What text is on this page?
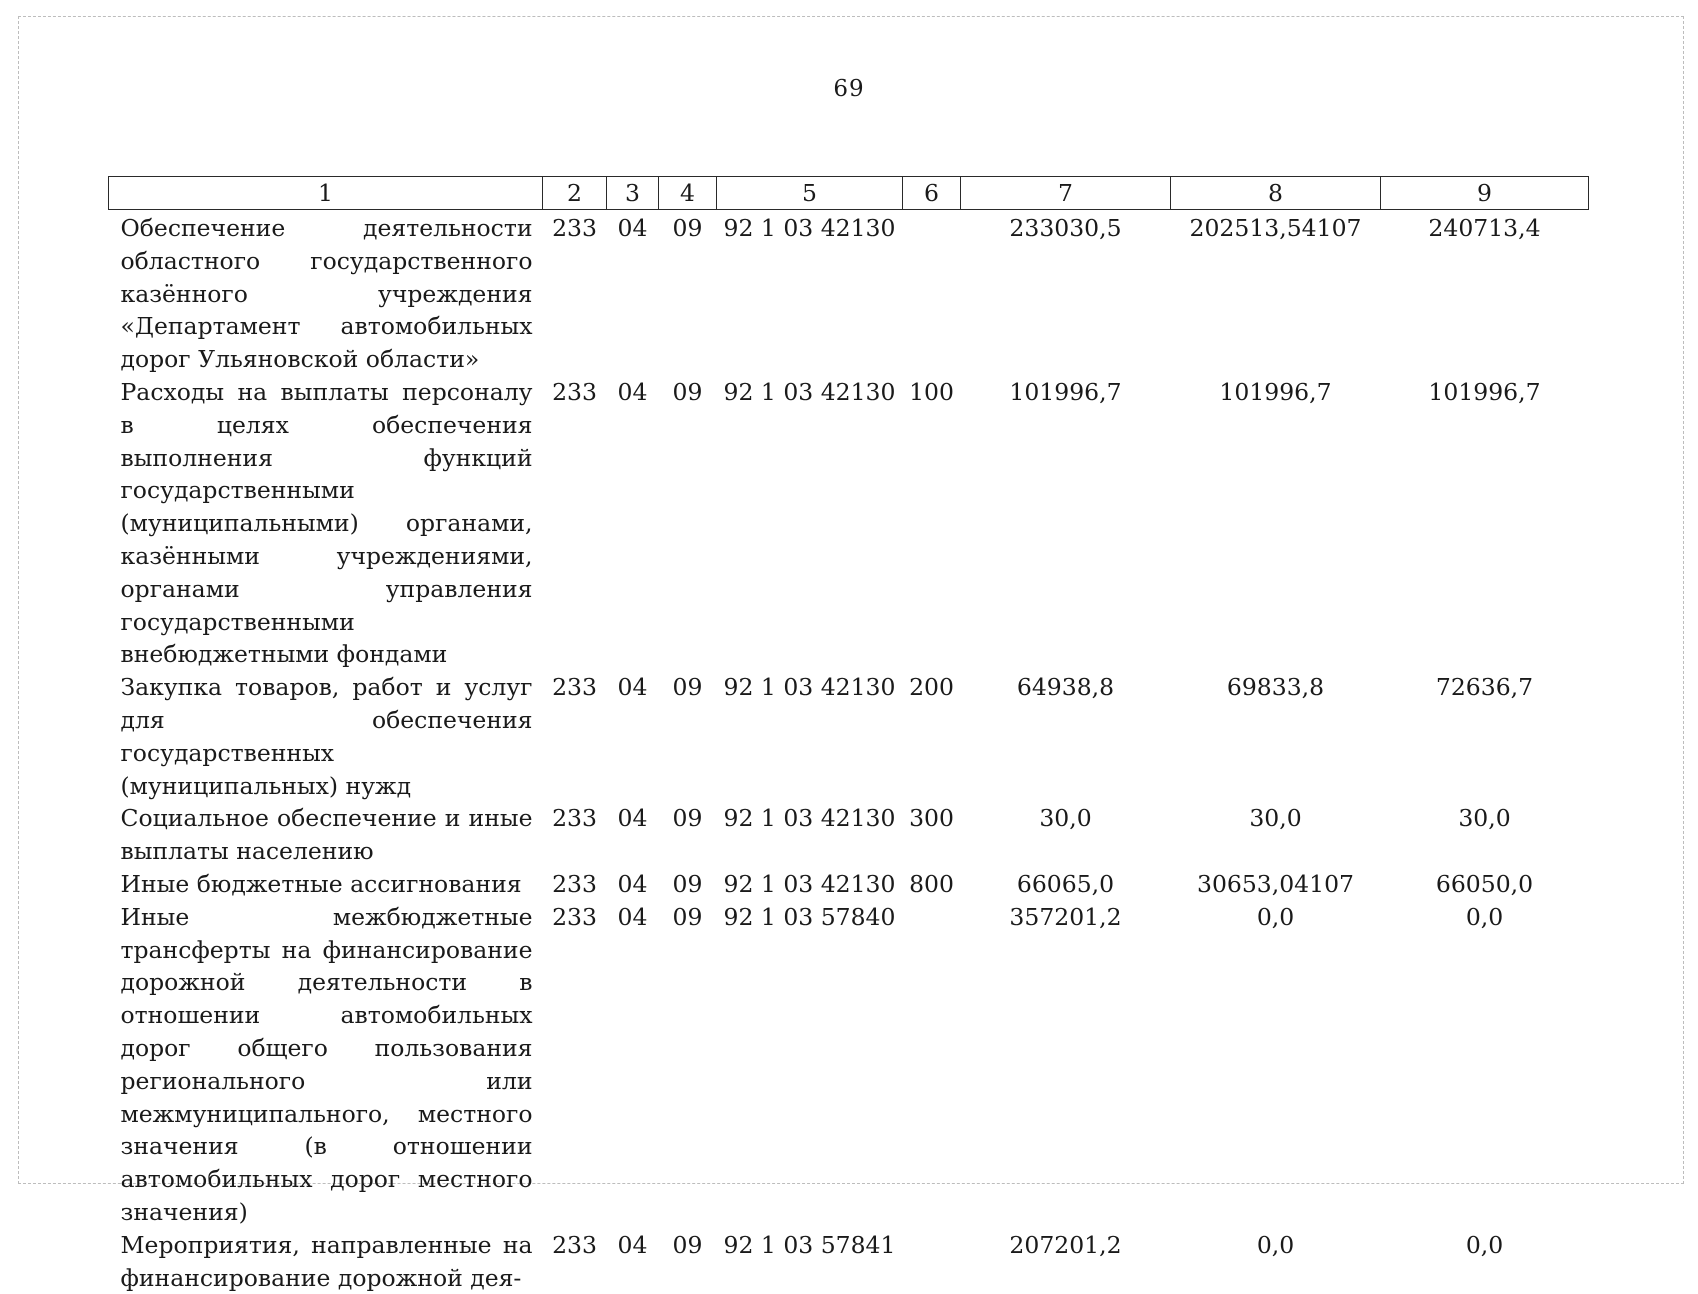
69
1	2	3	4	5	6	7	8	9
Обеспечение деятельности областного государственного казённого учреждения «Департамент автомобильных дорог Ульяновской области»	233	04	09	92 1 03 42130		233030,5	202513,54107	240713,4
Расходы на выплаты персоналу в целях обеспечения выполнения функций государственными (муниципальными) органами, казёнными учреждениями, органами управления государственными внебюджетными фондами	233	04	09	92 1 03 42130	100	101996,7	101996,7	101996,7
Закупка товаров, работ и услуг для обеспечения государственных (муниципальных) нужд	233	04	09	92 1 03 42130	200	64938,8	69833,8	72636,7
Социальное обеспечение и иные выплаты населению	233	04	09	92 1 03 42130	300	30,0	30,0	30,0
Иные бюджетные ассигнования	233	04	09	92 1 03 42130	800	66065,0	30653,04107	66050,0
Иные межбюджетные трансферты на финансирование дорожной деятельности в отношении автомобильных дорог общего пользования регионального или межмуниципального, местного значения (в отношении автомобильных дорог местного значения)	233	04	09	92 1 03 57840		357201,2	0,0	0,0
Мероприятия, направленные на финансирование дорожной дея-	233	04	09	92 1 03 57841		207201,2	0,0	0,0
